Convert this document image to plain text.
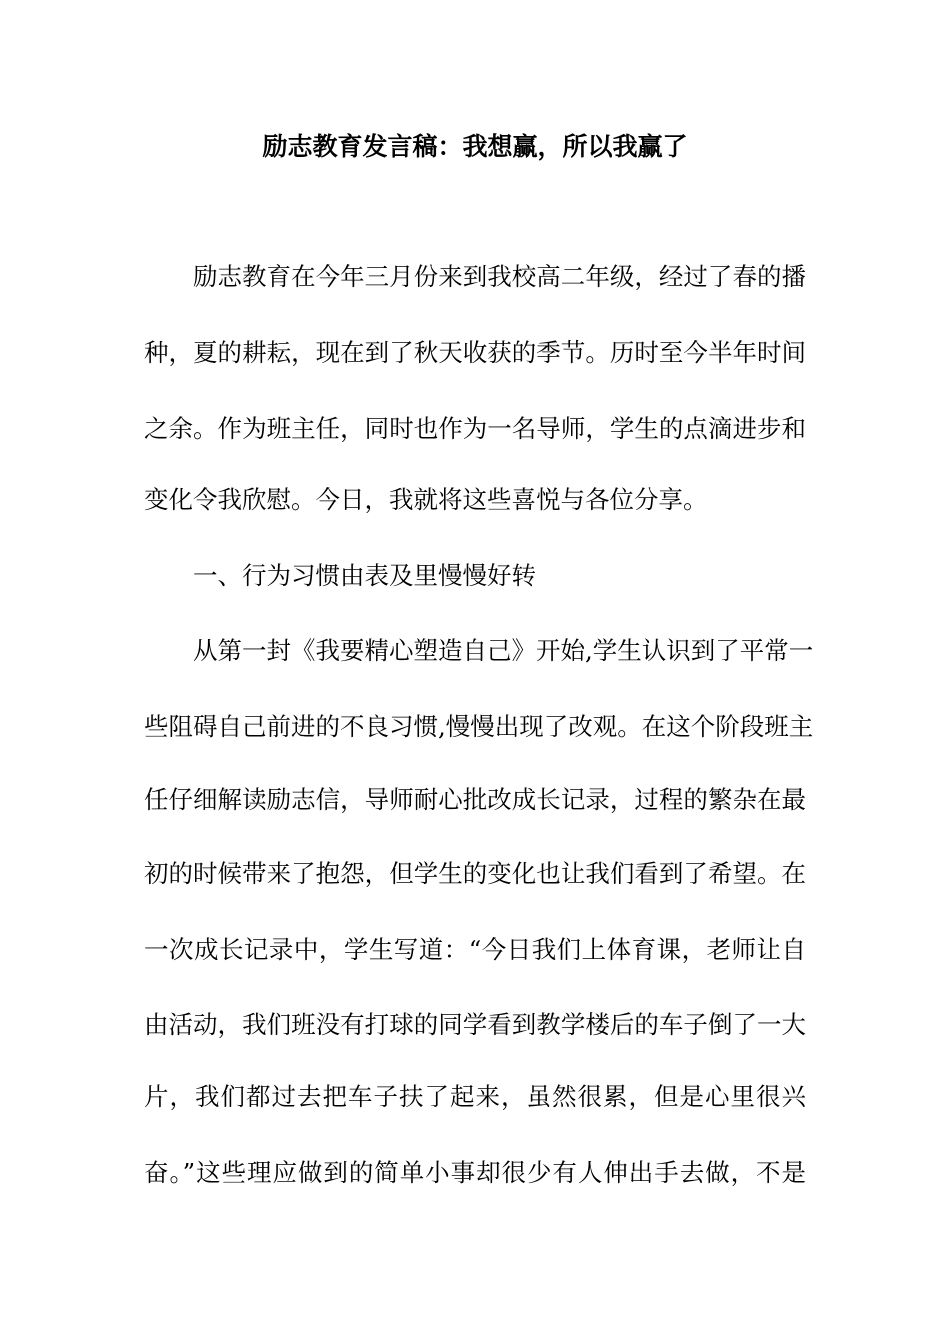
励志教育发言稿：我想赢，所以我赢了
励志教育在今年三月份来到我校高二年级，经过了春的播
种，夏的耕耘，现在到了秋天收获的季节。历时至今半年时间
之余。作为班主任，同时也作为一名导师，学生的点滴进步和
变化令我欣慰。今日，我就将这些喜悦与各位分享。
一、行为习惯由表及里慢慢好转
从第一封《我要精心塑造自己》开始,学生认识到了平常一
些阻碍自己前进的不良习惯,慢慢出现了改观。在这个阶段班主
任仔细解读励志信，导师耐心批改成长记录，过程的繁杂在最
初的时候带来了抱怨，但学生的变化也让我们看到了希望。在
一次成长记录中，学生写道：“今日我们上体育课，老师让自
由活动，我们班没有打球的同学看到教学楼后的车子倒了一大
片，我们都过去把车子扶了起来，虽然很累，但是心里很兴
奋。”这些理应做到的简单小事却很少有人伸出手去做，不是
